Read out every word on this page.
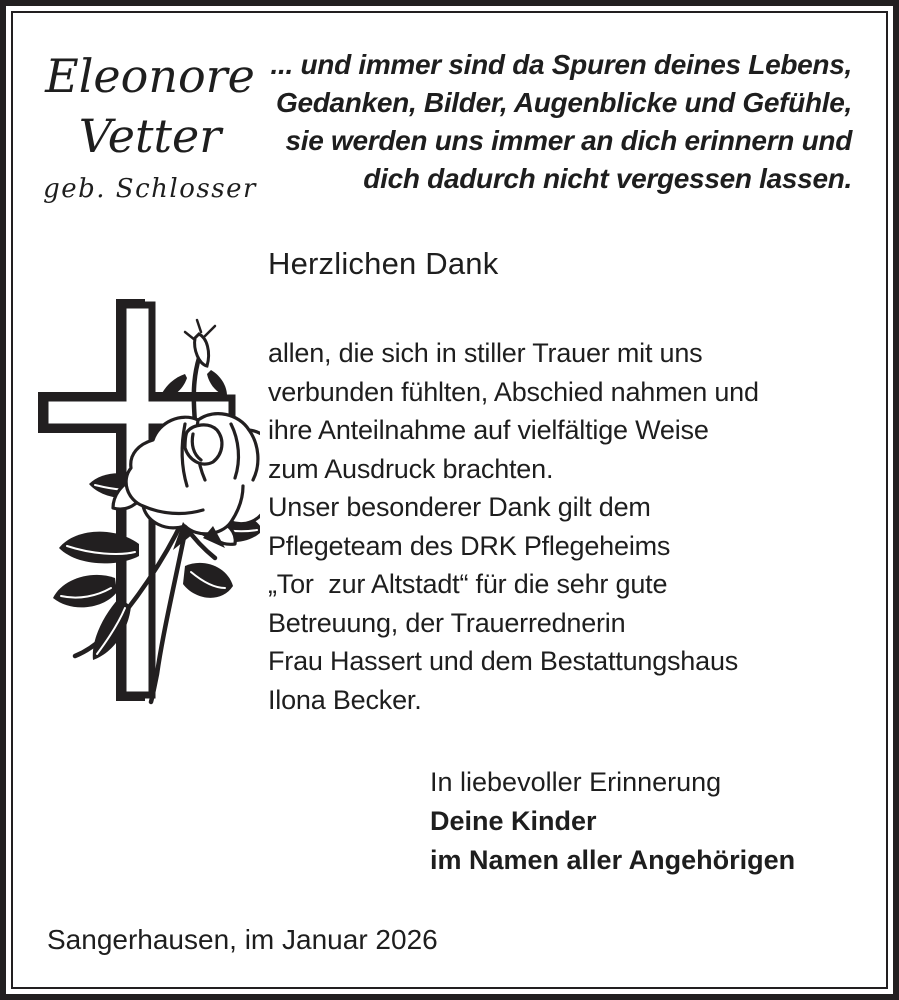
Eleonore
Vetter
geb. Schlosser
... und immer sind da Spuren deines Lebens,
Gedanken, Bilder, Augenblicke und Gefühle,
sie werden uns immer an dich erinnern und
dich dadurch nicht vergessen lassen.
Herzlichen Dank
allen, die sich in stiller Trauer mit uns
verbunden fühlten, Abschied nahmen und
ihre Anteilnahme auf vielfältige Weise
zum Ausdruck brachten.
Unser besonderer Dank gilt dem
Pflegeteam des DRK Pflegeheims
„Tor  zur Altstadt“ für die sehr gute
Betreuung, der Trauerrednerin
Frau Hassert und dem Bestattungshaus
Ilona Becker.
In liebevoller Erinnerung
Deine Kinder
im Namen aller Angehörigen
Sangerhausen, im Januar 2026
